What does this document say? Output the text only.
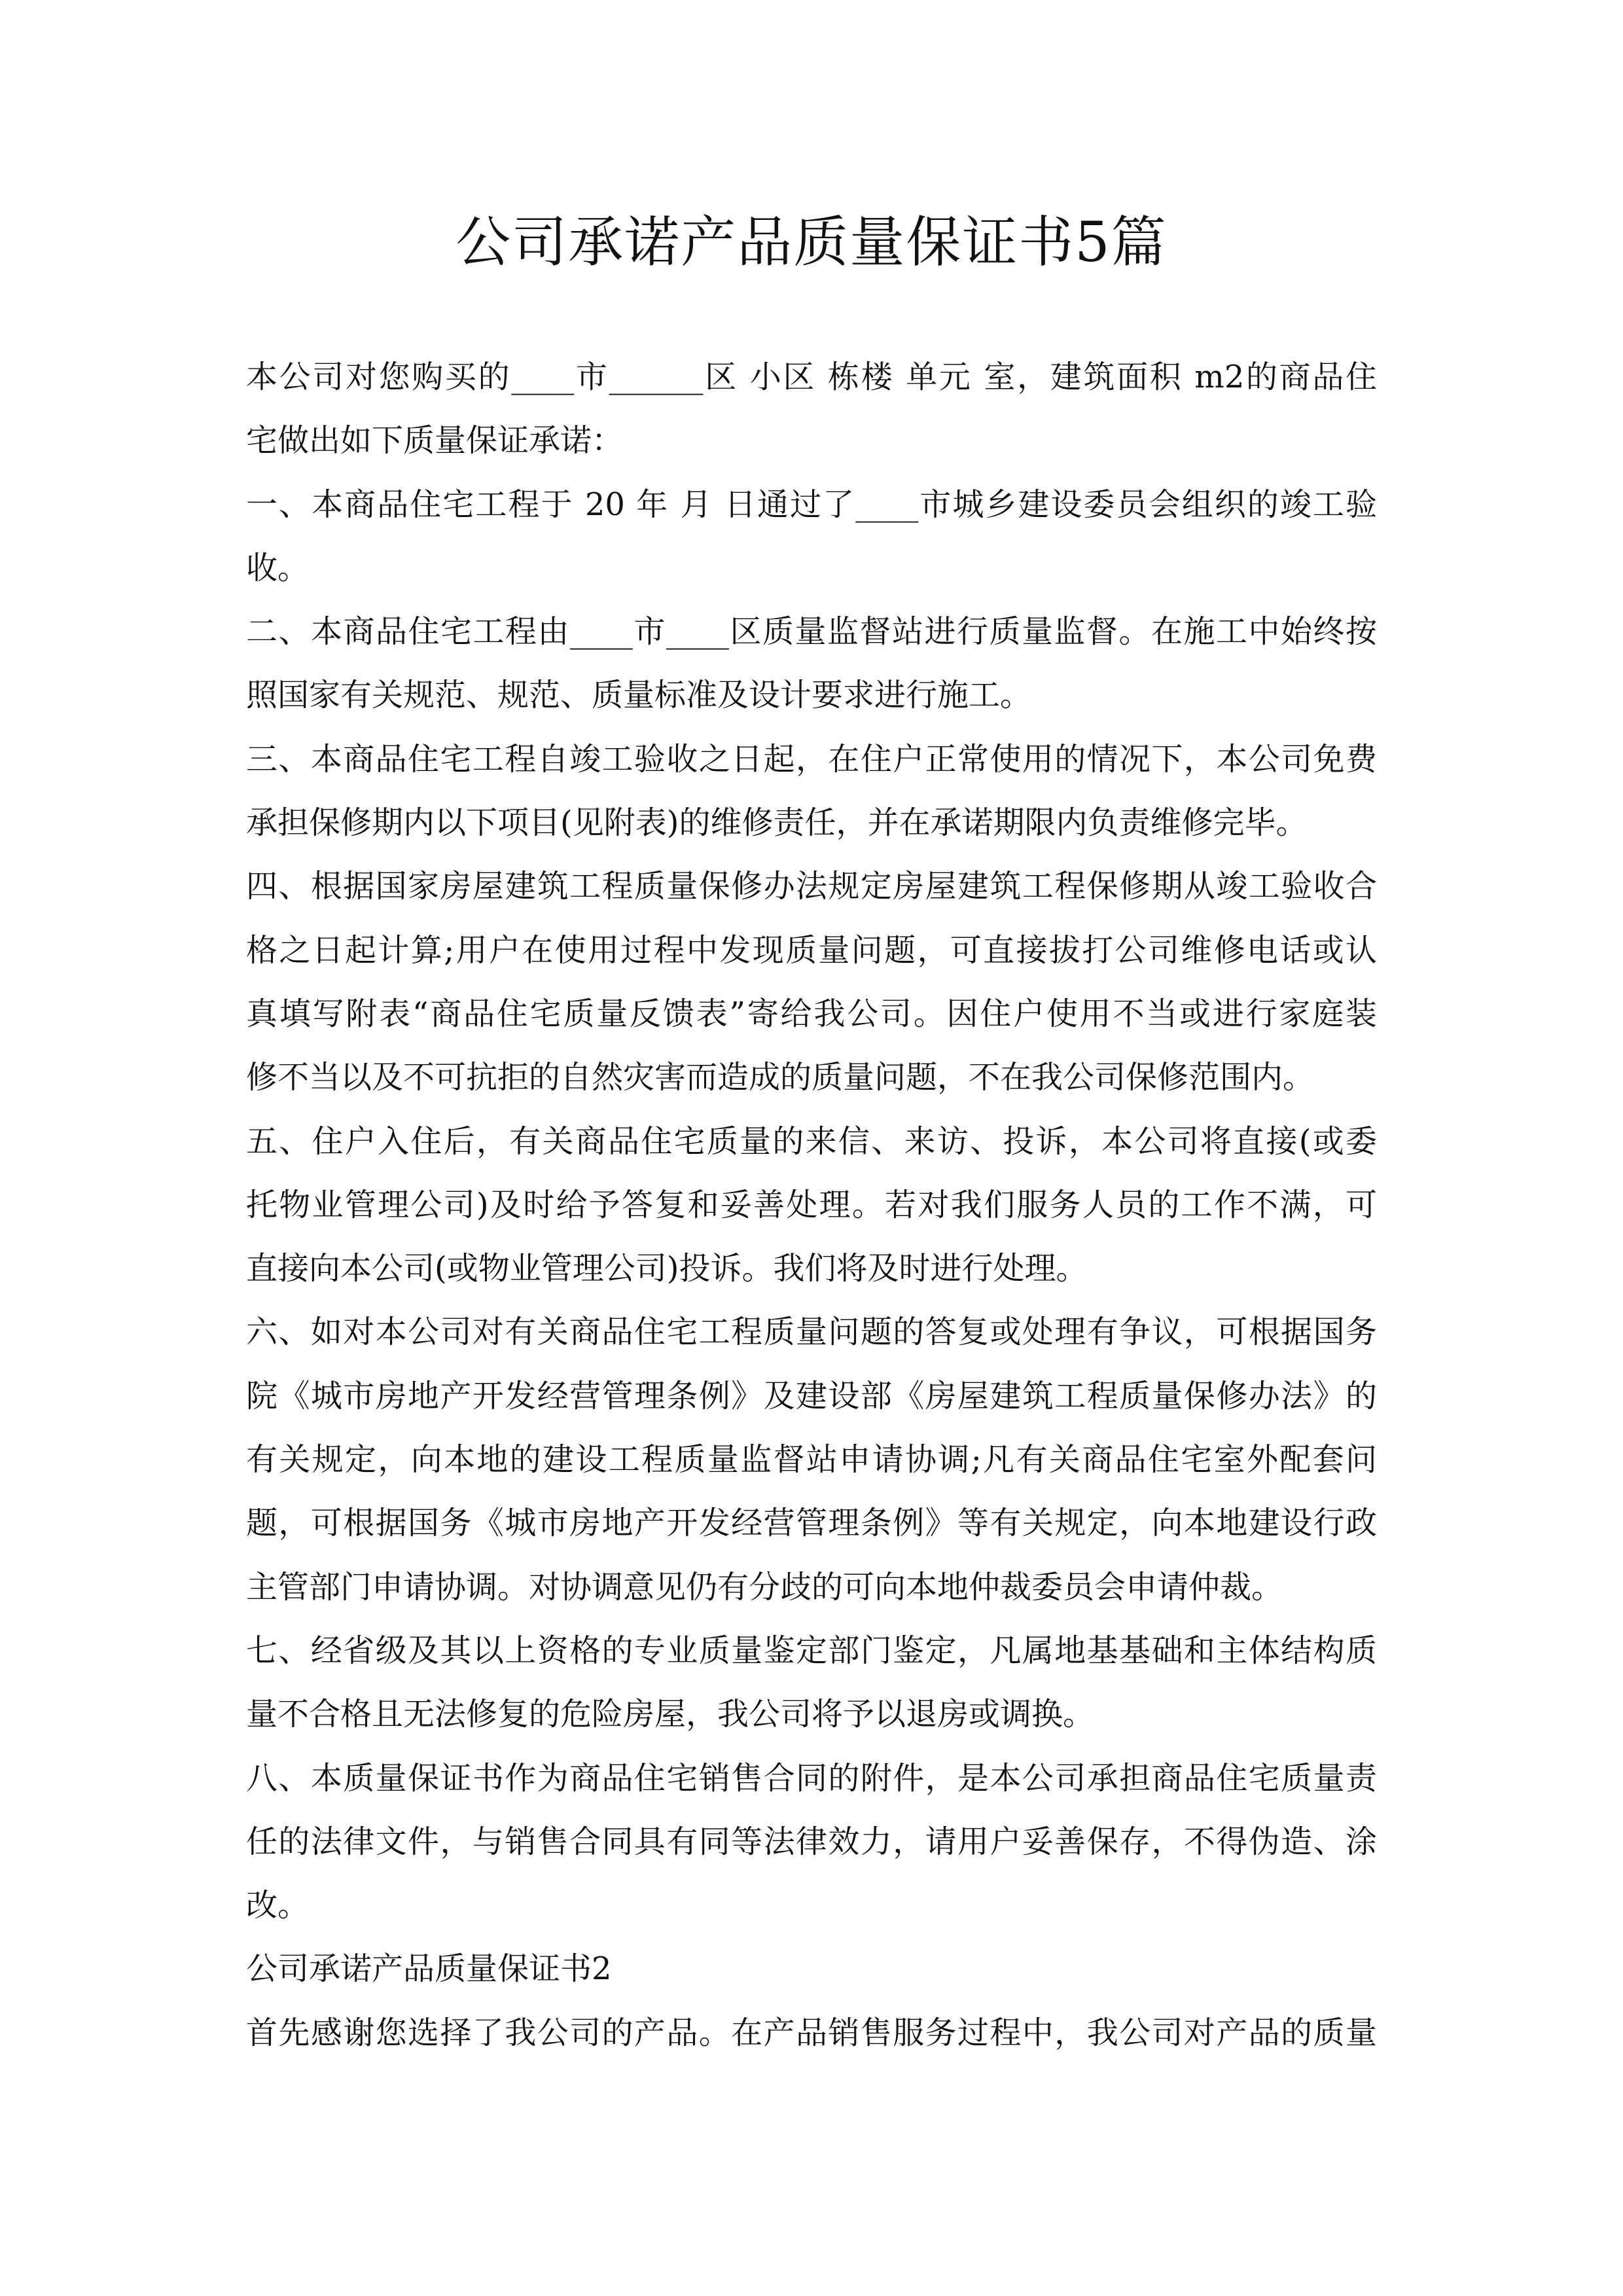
公司承诺产品质量保证书5篇
本公司对您购买的____市______区 小区 栋楼 单元 室，建筑面积 m2的商品住
宅做出如下质量保证承诺：
一、本商品住宅工程于 20 年 月 日通过了____市城乡建设委员会组织的竣工验
收。
二、本商品住宅工程由____市____区质量监督站进行质量监督。在施工中始终按
照国家有关规范、规范、质量标准及设计要求进行施工。
三、本商品住宅工程自竣工验收之日起，在住户正常使用的情况下，本公司免费
承担保修期内以下项目(见附表)的维修责任，并在承诺期限内负责维修完毕。
四、根据国家房屋建筑工程质量保修办法规定房屋建筑工程保修期从竣工验收合
格之日起计算;用户在使用过程中发现质量问题，可直接拔打公司维修电话或认
真填写附表“商品住宅质量反馈表”寄给我公司。因住户使用不当或进行家庭装
修不当以及不可抗拒的自然灾害而造成的质量问题，不在我公司保修范围内。
五、住户入住后，有关商品住宅质量的来信、来访、投诉，本公司将直接(或委
托物业管理公司)及时给予答复和妥善处理。若对我们服务人员的工作不满，可
直接向本公司(或物业管理公司)投诉。我们将及时进行处理。
六、如对本公司对有关商品住宅工程质量问题的答复或处理有争议，可根据国务
院《城市房地产开发经营管理条例》及建设部《房屋建筑工程质量保修办法》的
有关规定，向本地的建设工程质量监督站申请协调;凡有关商品住宅室外配套问
题，可根据国务《城市房地产开发经营管理条例》等有关规定，向本地建设行政
主管部门申请协调。对协调意见仍有分歧的可向本地仲裁委员会申请仲裁。
七、经省级及其以上资格的专业质量鉴定部门鉴定，凡属地基基础和主体结构质
量不合格且无法修复的危险房屋，我公司将予以退房或调换。
八、本质量保证书作为商品住宅销售合同的附件，是本公司承担商品住宅质量责
任的法律文件，与销售合同具有同等法律效力，请用户妥善保存，不得伪造、涂
改。
公司承诺产品质量保证书2
首先感谢您选择了我公司的产品。在产品销售服务过程中，我公司对产品的质量
